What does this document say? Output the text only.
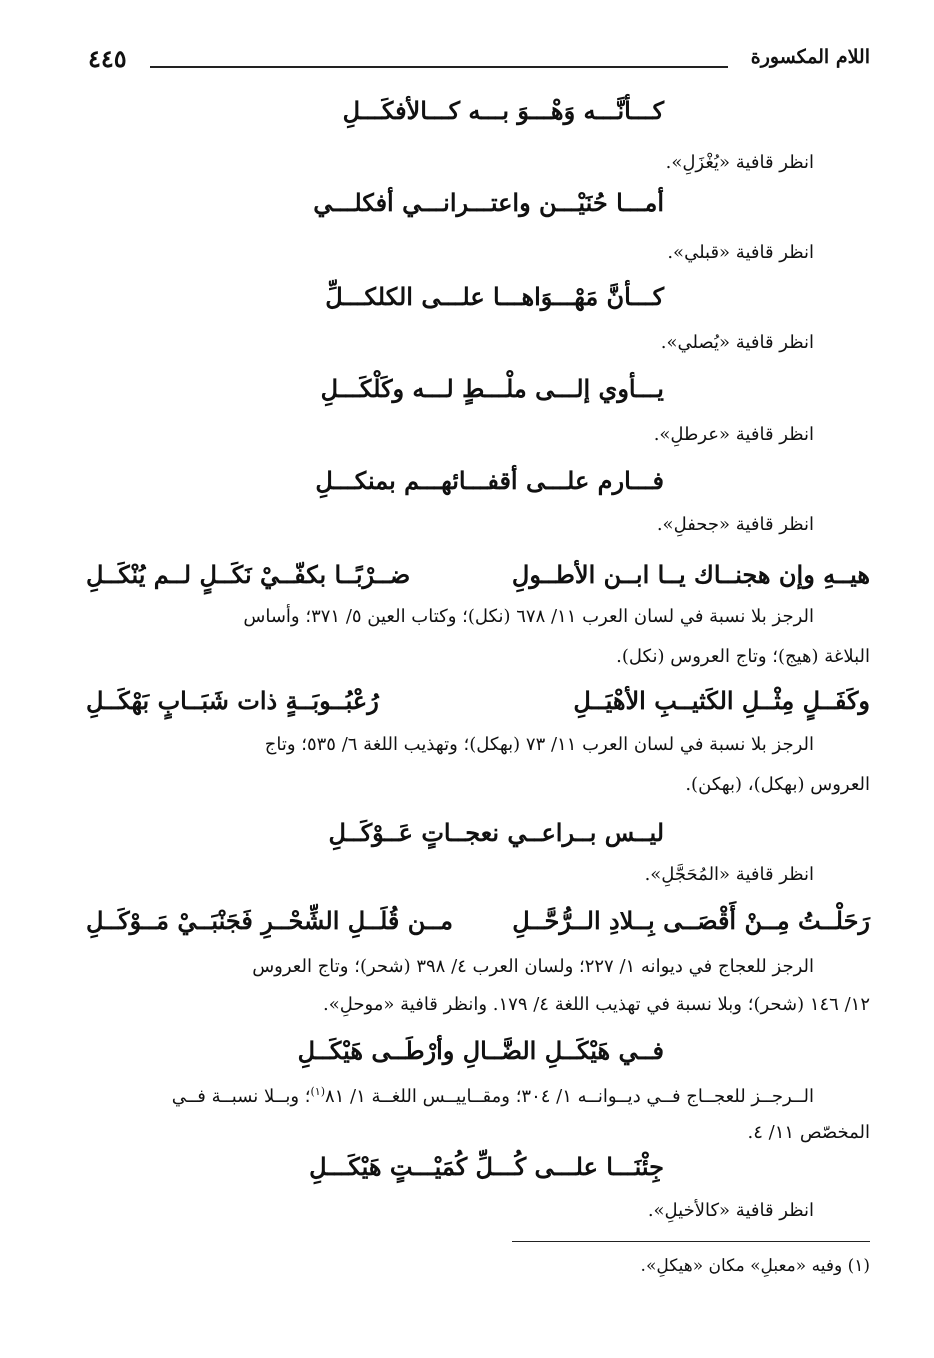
٤٤٥	اللام المكسورة
كـــأنَّـــه وَهْـــوَ بـــه كـــالأفكَـــلِ
انظر قافية «يُغْزَلِ».
أمـــا حُنَيْـــن واعتـــرانـــي أفكلـــي
انظر قافية «قبلي».
كـــأنَّ مَهْـــوَاهـــا علـــى الكلكـــلِّ
انظر قافية «يُصلي».
يـــأوي إلـــى ملْـــطٍ لـــه وكَلْكَـــلِ
انظر قافية «عرطلِ».
فـــارم علـــى أقفـــائهـــم بمنكـــلِ
انظر قافية «جحفلِ».
هيــهِ وإن هجنــاك يــا ابــن الأطــولِ
ضــرْبًــا بكفّــيْ نَكَــلٍ لــم يُنْكَــلِ
الرجز بلا نسبة في لسان العرب ١١/ ٦٧٨ (نكل)؛ وكتاب العين ٥/ ٣٧١؛ وأساس
البلاغة (هيج)؛ وتاج العروس (نكل).
وكَفَــلٍ مِثْــلِ الكَثيــبِ الأهْيَــلِ
رُعْبُــوبَــةٍ ذات شَبَــابٍ بَهْكَــلِ
الرجز بلا نسبة في لسان العرب ١١/ ٧٣ (بهكل)؛ وتهذيب اللغة ٦/ ٥٣٥؛ وتاج
العروس (بهكل)، (بهكن).
ليــس بــراعــي نعجــاتٍ عَــوْكَــلِ
انظر قافية «المُحَجَّلِ».
رَحَلْــتُ مِــنْ أَقْصَــى بِــلادِ الــرُّحَّــلِ
مــن قُلَــلِ الشِّحْــرِ فَجَنْبَــيْ مَــوْكَــلِ
الرجز للعجاج في ديوانه ١/ ٢٢٧؛ ولسان العرب ٤/ ٣٩٨ (شحر)؛ وتاج العروس
١٢/ ١٤٦ (شحر)؛ وبلا نسبة في تهذيب اللغة ٤/ ١٧٩. وانظر قافية «موحلِ».
فــي هَيْكَــلِ الضَّــالِ وأرْطَــى هَيْكَــلِ
الــرجــز للعجــاج فــي ديــوانــه ١/ ٣٠٤؛ ومقــاييــس اللغــة ١/ ٨١$^{(١)}$؛ وبــلا نسبــة فــي
المخصّص ١١/ ٤.
جِئْنَـــا علـــى كُـــلِّ كُمَيْـــتٍ هَيْكَـــلِ
انظر قافية «كالأخيلِ».
(١) وفيه «معبلِ» مكان «هيكلِ».
